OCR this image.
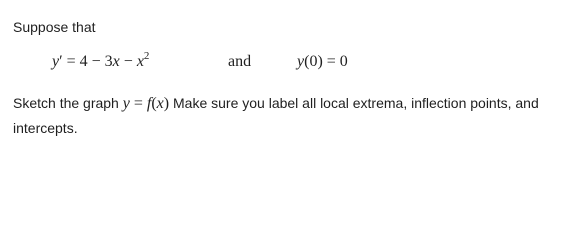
Suppose that
$y' = 4 - 3x - x^2$	and	y(0) = 0
Sketch the graph y = f(x) Make sure you label all local extrema, inflection points, and intercepts.
